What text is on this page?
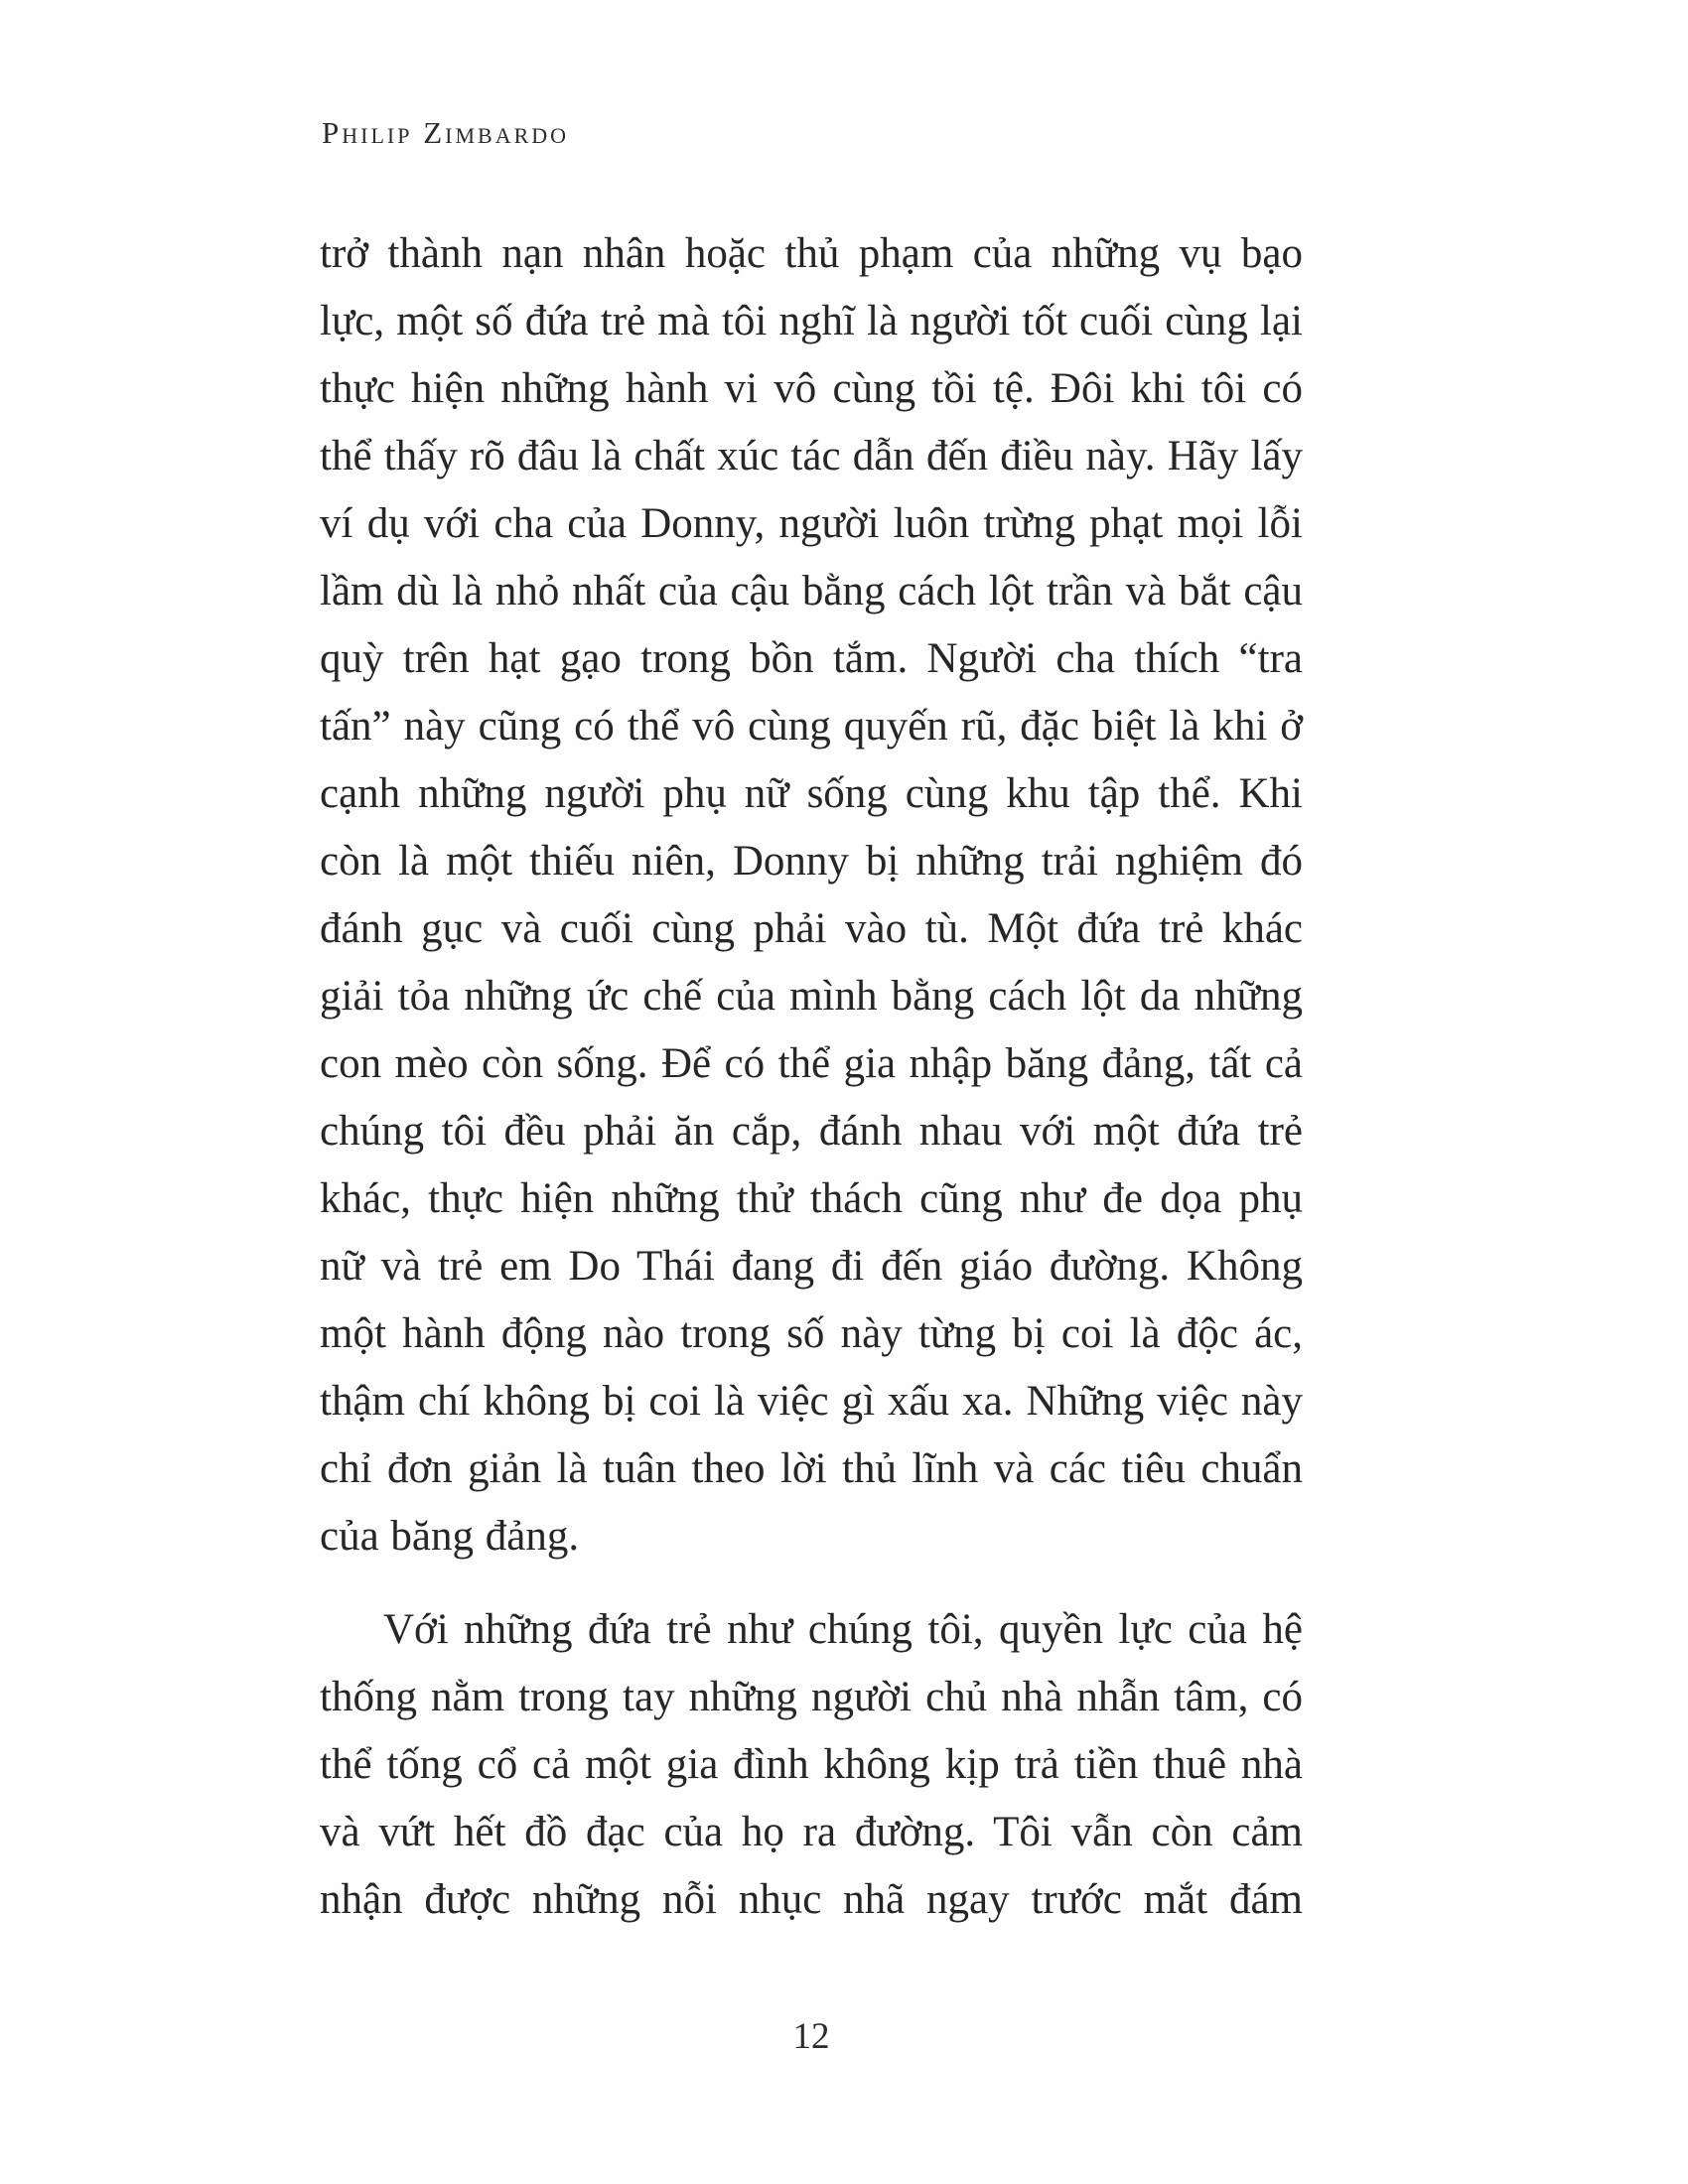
Philip Zimbardo

trở thành nạn nhân hoặc thủ phạm của những vụ bạo lực, một số đứa trẻ mà tôi nghĩ là người tốt cuối cùng lại thực hiện những hành vi vô cùng tồi tệ. Đôi khi tôi có thể thấy rõ đâu là chất xúc tác dẫn đến điều này. Hãy lấy ví dụ với cha của Donny, người luôn trừng phạt mọi lỗi lầm dù là nhỏ nhất của cậu bằng cách lột trần và bắt cậu quỳ trên hạt gạo trong bồn tắm. Người cha thích “tra tấn” này cũng có thể vô cùng quyến rũ, đặc biệt là khi ở cạnh những người phụ nữ sống cùng khu tập thể. Khi còn là một thiếu niên, Donny bị những trải nghiệm đó đánh gục và cuối cùng phải vào tù. Một đứa trẻ khác giải tỏa những ức chế của mình bằng cách lột da những con mèo còn sống. Để có thể gia nhập băng đảng, tất cả chúng tôi đều phải ăn cắp, đánh nhau với một đứa trẻ khác, thực hiện những thử thách cũng như đe dọa phụ nữ và trẻ em Do Thái đang đi đến giáo đường. Không một hành động nào trong số này từng bị coi là độc ác, thậm chí không bị coi là việc gì xấu xa. Những việc này chỉ đơn giản là tuân theo lời thủ lĩnh và các tiêu chuẩn của băng đảng.

Với những đứa trẻ như chúng tôi, quyền lực của hệ thống nằm trong tay những người chủ nhà nhẫn tâm, có thể tống cổ cả một gia đình không kịp trả tiền thuê nhà và vứt hết đồ đạc của họ ra đường. Tôi vẫn còn cảm nhận được những nỗi nhục nhã ngay trước mắt đám

12
